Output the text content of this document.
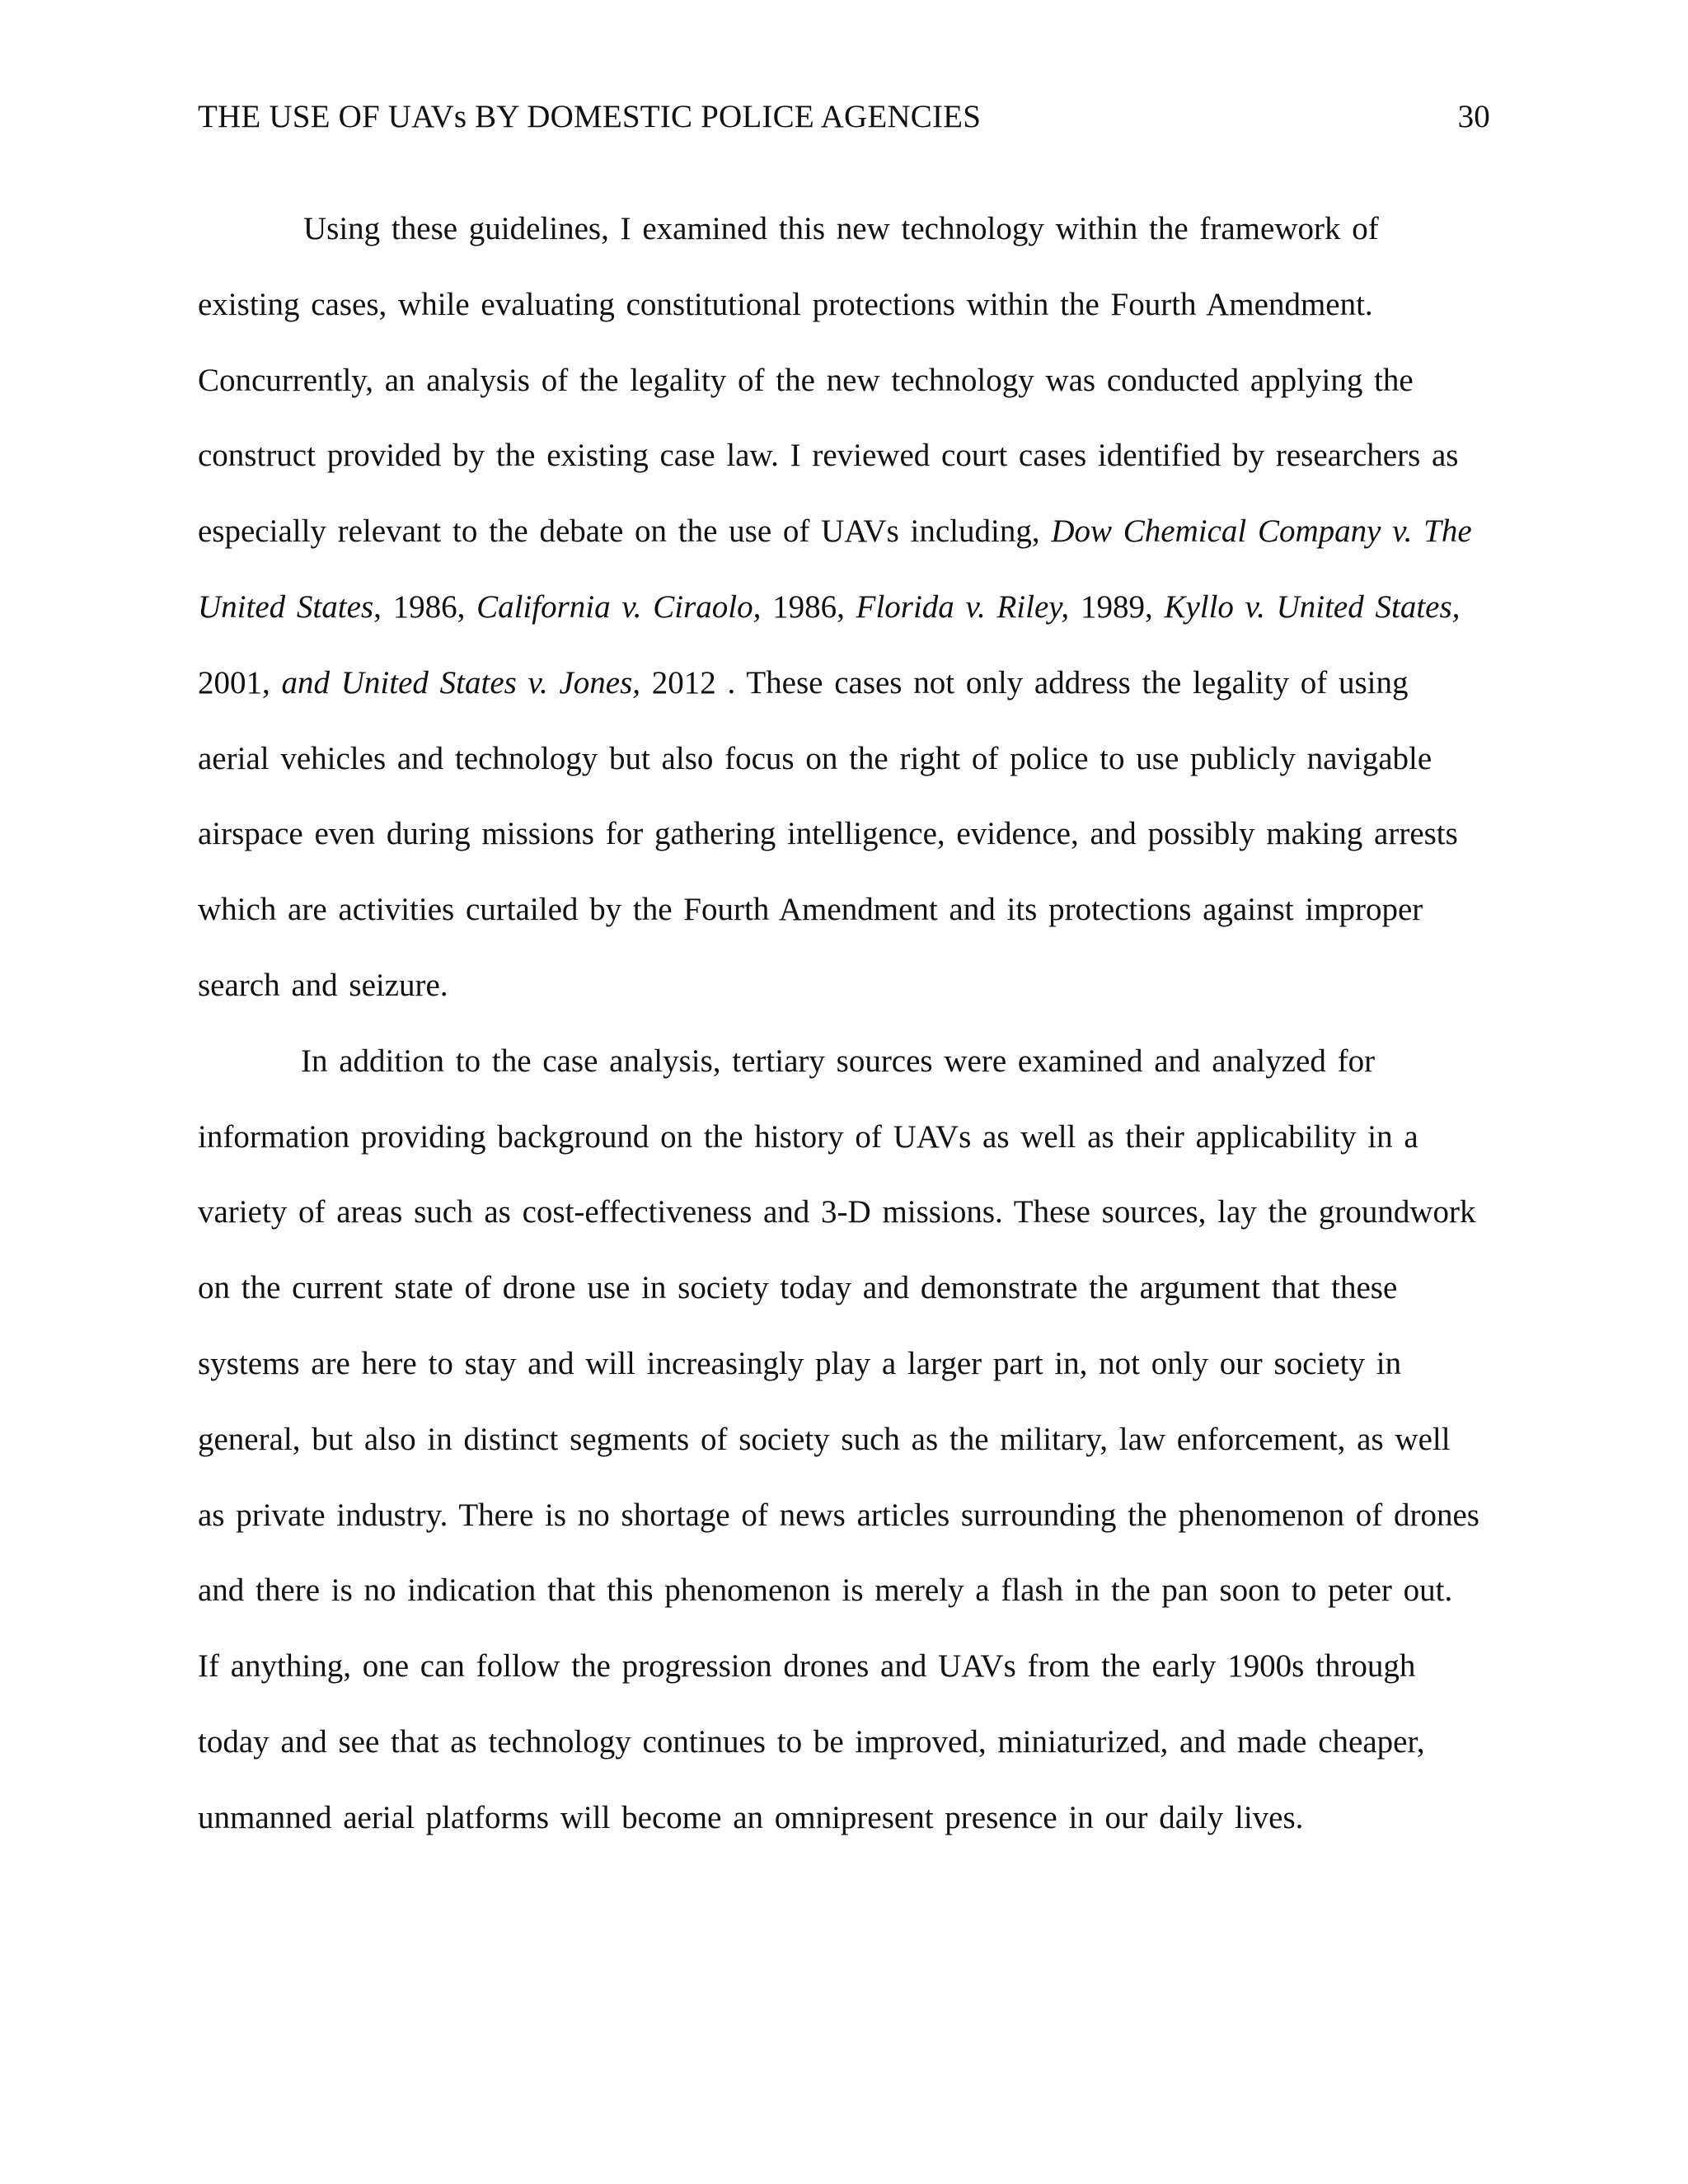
THE USE OF UAVs BY DOMESTIC POLICE AGENCIES	30

Using these guidelines, I examined this new technology within the framework of existing cases, while evaluating constitutional protections within the Fourth Amendment. Concurrently, an analysis of the legality of the new technology was conducted applying the construct provided by the existing case law. I reviewed court cases identified by researchers as especially relevant to the debate on the use of UAVs including, Dow Chemical Company v. The United States, 1986, California v. Ciraolo, 1986, Florida v. Riley, 1989, Kyllo v. United States, 2001, and United States v. Jones, 2012 . These cases not only address the legality of using aerial vehicles and technology but also focus on the right of police to use publicly navigable airspace even during missions for gathering intelligence, evidence, and possibly making arrests which are activities curtailed by the Fourth Amendment and its protections against improper search and seizure.

In addition to the case analysis, tertiary sources were examined and analyzed for information providing background on the history of UAVs as well as their applicability in a variety of areas such as cost-effectiveness and 3-D missions. These sources, lay the groundwork on the current state of drone use in society today and demonstrate the argument that these systems are here to stay and will increasingly play a larger part in, not only our society in general, but also in distinct segments of society such as the military, law enforcement, as well as private industry. There is no shortage of news articles surrounding the phenomenon of drones and there is no indication that this phenomenon is merely a flash in the pan soon to peter out. If anything, one can follow the progression drones and UAVs from the early 1900s through today and see that as technology continues to be improved, miniaturized, and made cheaper, unmanned aerial platforms will become an omnipresent presence in our daily lives.
